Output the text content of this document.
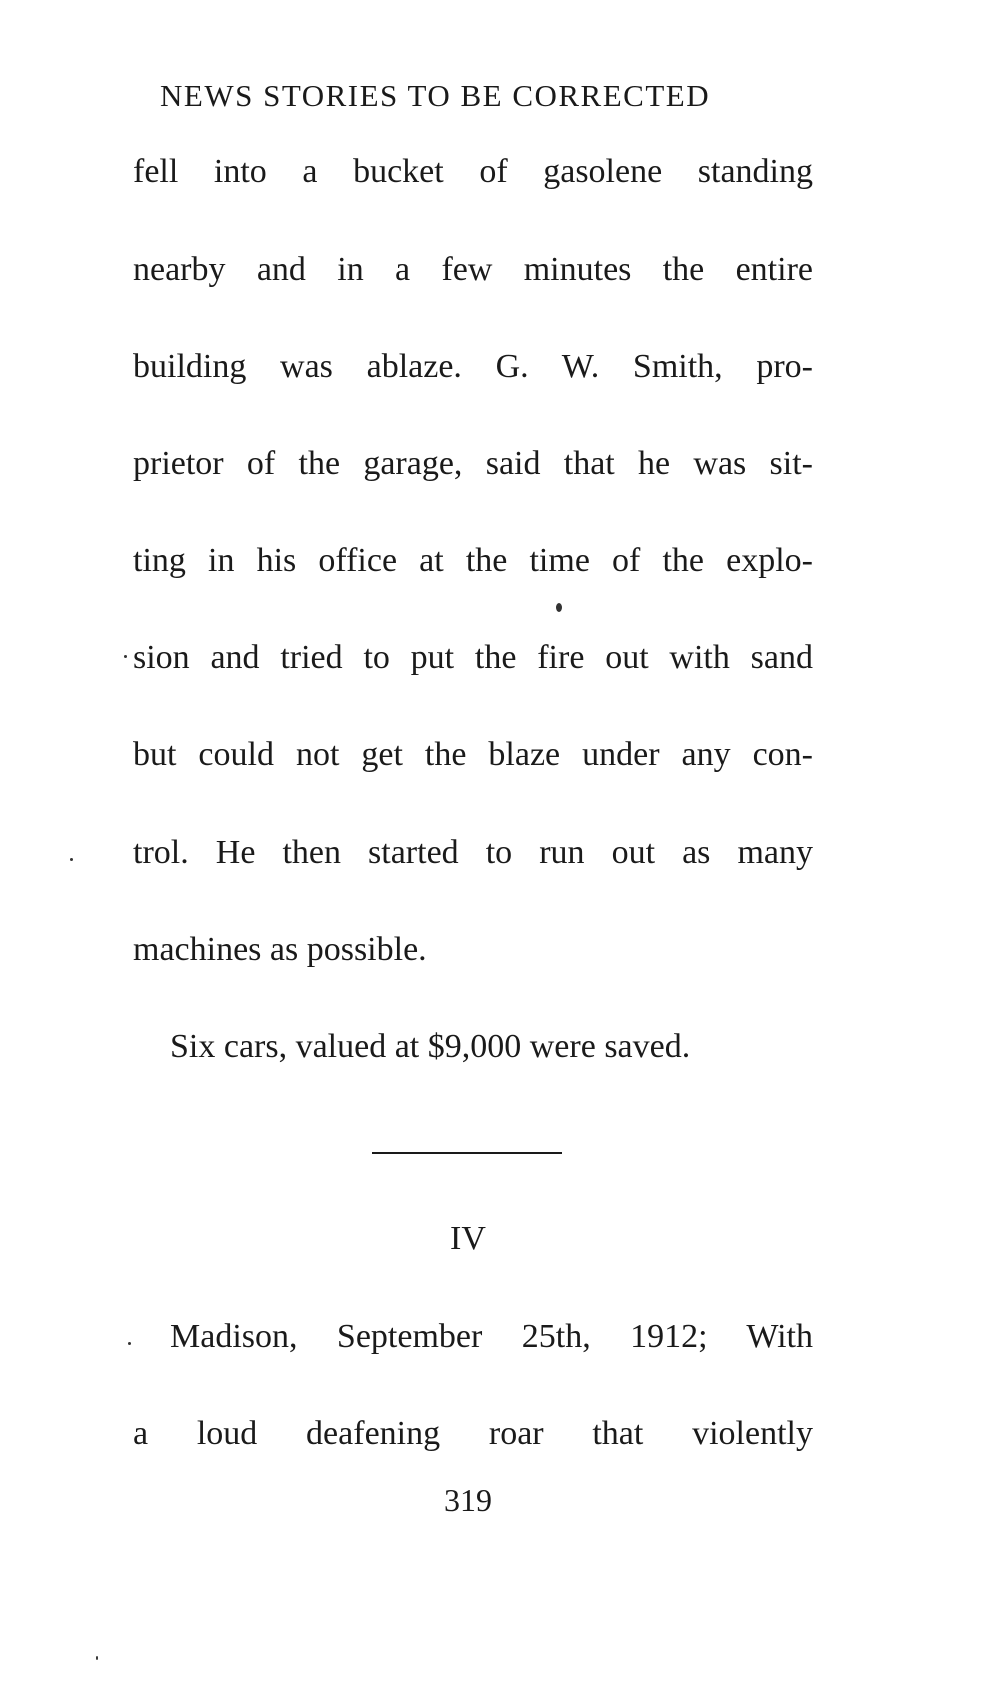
NEWS STORIES TO BE CORRECTED
fell into a bucket of gasolene standing
nearby and in a few minutes the entire
building was ablaze. G. W. Smith, pro-
prietor of the garage, said that he was sit-
ting in his office at the time of the explo-
sion and tried to put the fire out with sand
but could not get the blaze under any con-
trol. He then started to run out as many
machines as possible.
Six cars, valued at $9,000 were saved.
IV
Madison, September 25th, 1912; With
a loud deafening roar that violently
319
